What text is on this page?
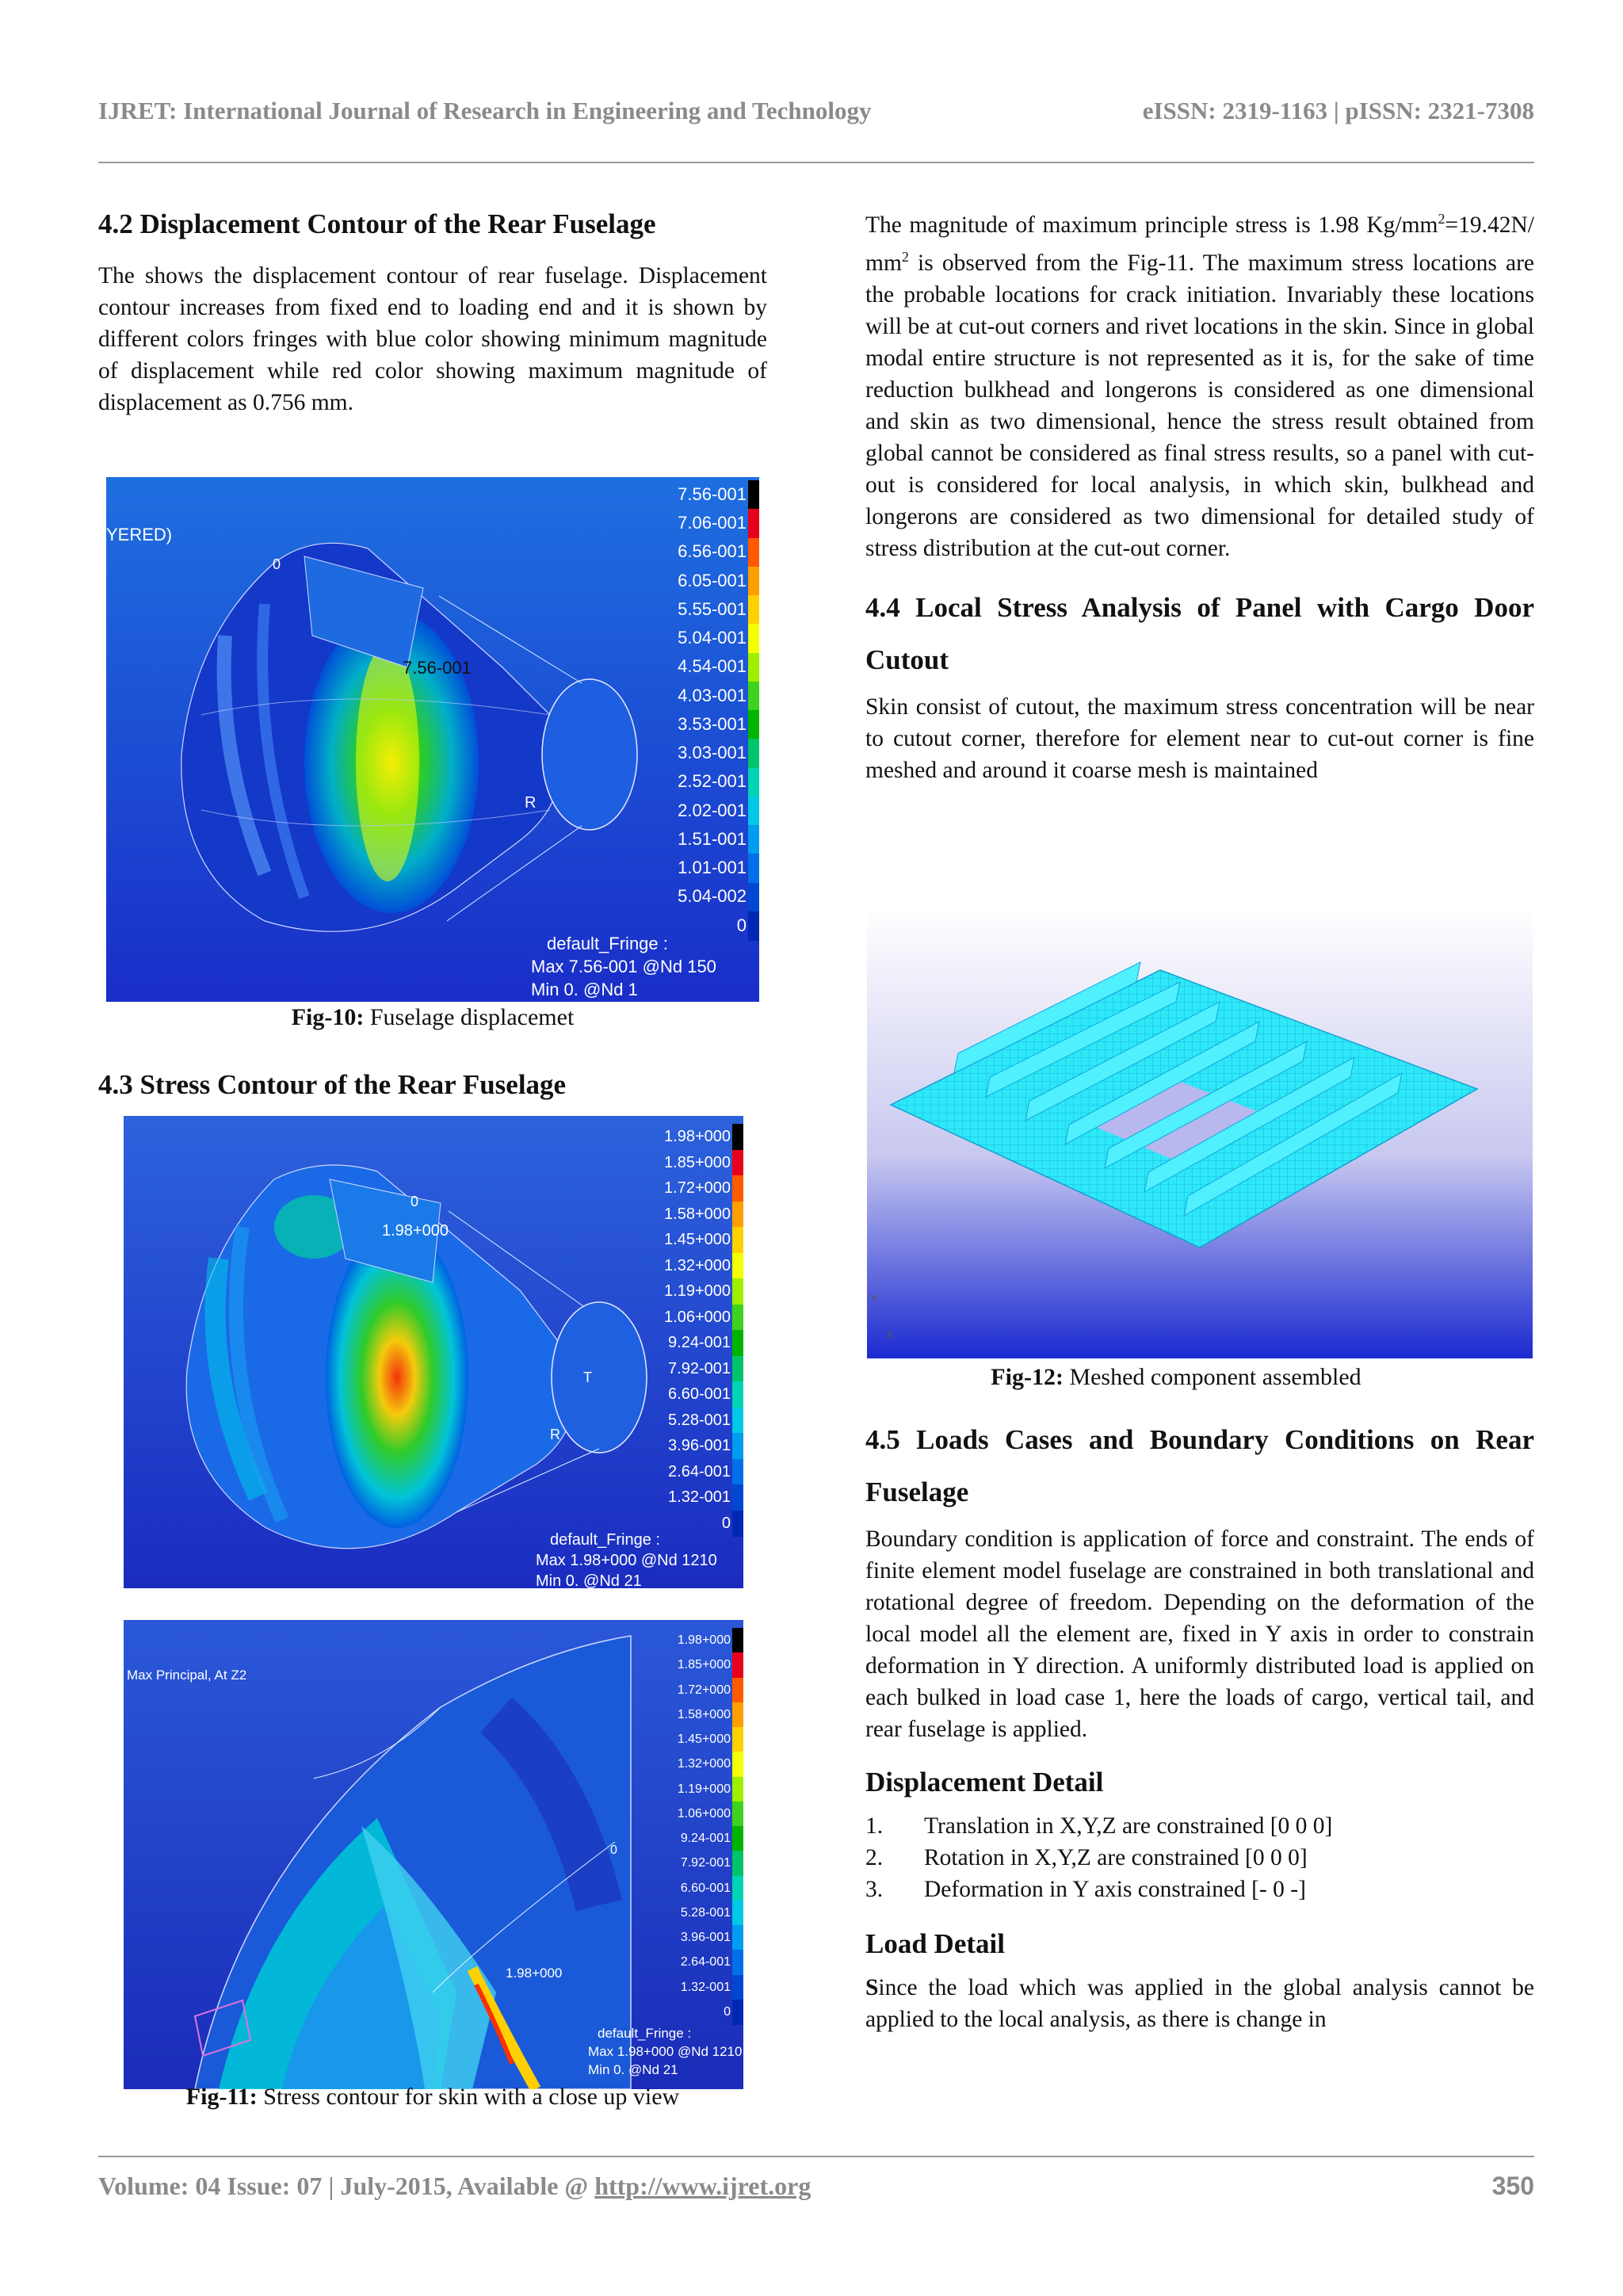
IJRET: International Journal of Research in Engineering and Technology	eISSN: 2319-1163 | pISSN: 2321-7308
4.2 Displacement Contour of the Rear Fuselage

The shows the displacement contour of rear fuselage. Displacement contour increases from fixed end to loading end and it is shown by different colors fringes with blue color showing minimum magnitude of displacement while red color showing maximum magnitude of displacement as 0.756 mm.

YERED)
0
7.56-001
R
7.56-001
7.06-001
6.56-001
6.05-001
5.55-001
5.04-001
4.54-001
4.03-001
3.53-001
3.03-001
2.52-001
2.02-001
1.51-001
1.01-001
5.04-002
0
default_Fringe :
Max 7.56-001 @Nd 150
Min 0. @Nd 1
Fig-10: Fuselage displacemet
4.3 Stress Contour of the Rear Fuselage
0
1.98+000
T
R
1.98+000
1.85+000
1.72+000
1.58+000
1.45+000
1.32+000
1.19+000
1.06+000
9.24-001
7.92-001
6.60-001
5.28-001
3.96-001
2.64-001
1.32-001
0
default_Fringe :
Max 1.98+000 @Nd 1210
Min 0. @Nd 21
Max Principal, At Z2
0
1.98+000
1.98+000
1.85+000
1.72+000
1.58+000
1.45+000
1.32+000
1.19+000
1.06+000
9.24-001
7.92-001
6.60-001
5.28-001
3.96-001
2.64-001
1.32-001
0
default_Fringe :
Max 1.98+000 @Nd 1210
Min 0. @Nd 21
Fig-11: Stress contour for skin with a close up view

The magnitude of maximum principle stress is 1.98 $Kg/mm^2=19.42N/$ $mm^2$ is observed from the Fig-11. The maximum stress locations are the probable locations for crack initiation. Invariably these locations will be at cut-out corners and rivet locations in the skin. Since in global modal entire structure is not represented as it is, for the sake of time reduction bulkhead and longerons is considered as one dimensional and skin as two dimensional, hence the stress result obtained from global cannot be considered as final stress results, so a panel with cut-out is considered for local analysis, in which skin, bulkhead and longerons are considered as two dimensional for detailed study of stress distribution at the cut-out corner.

4.4 Local Stress Analysis of Panel with Cargo Door Cutout

Skin consist of cutout, the maximum stress concentration will be near to cutout corner, therefore for element near to cut-out corner is fine meshed and around it coarse mesh is maintained

Y
X
Fig-12: Meshed component assembled
4.5 Loads Cases and Boundary Conditions on Rear Fuselage

Boundary condition is application of force and constraint. The ends of finite element model fuselage are constrained in both translational and rotational degree of freedom. Depending on the deformation of the local model all the element are, fixed in Y axis in order to constrain deformation in Y direction. A uniformly distributed load is applied on each bulked in load case 1, here the loads of cargo, vertical tail, and rear fuselage is applied.

Displacement Detail
1.	Translation in X,Y,Z are constrained [0 0 0]
2.	Rotation in X,Y,Z are constrained [0 0 0]
3.	Deformation in Y axis constrained [- 0 -]
Load Detail

Since the load which was applied in the global analysis cannot be applied to the local analysis, as there is change in

Volume: 04 Issue: 07 | July-2015, Available @ http://www.ijret.org	350
